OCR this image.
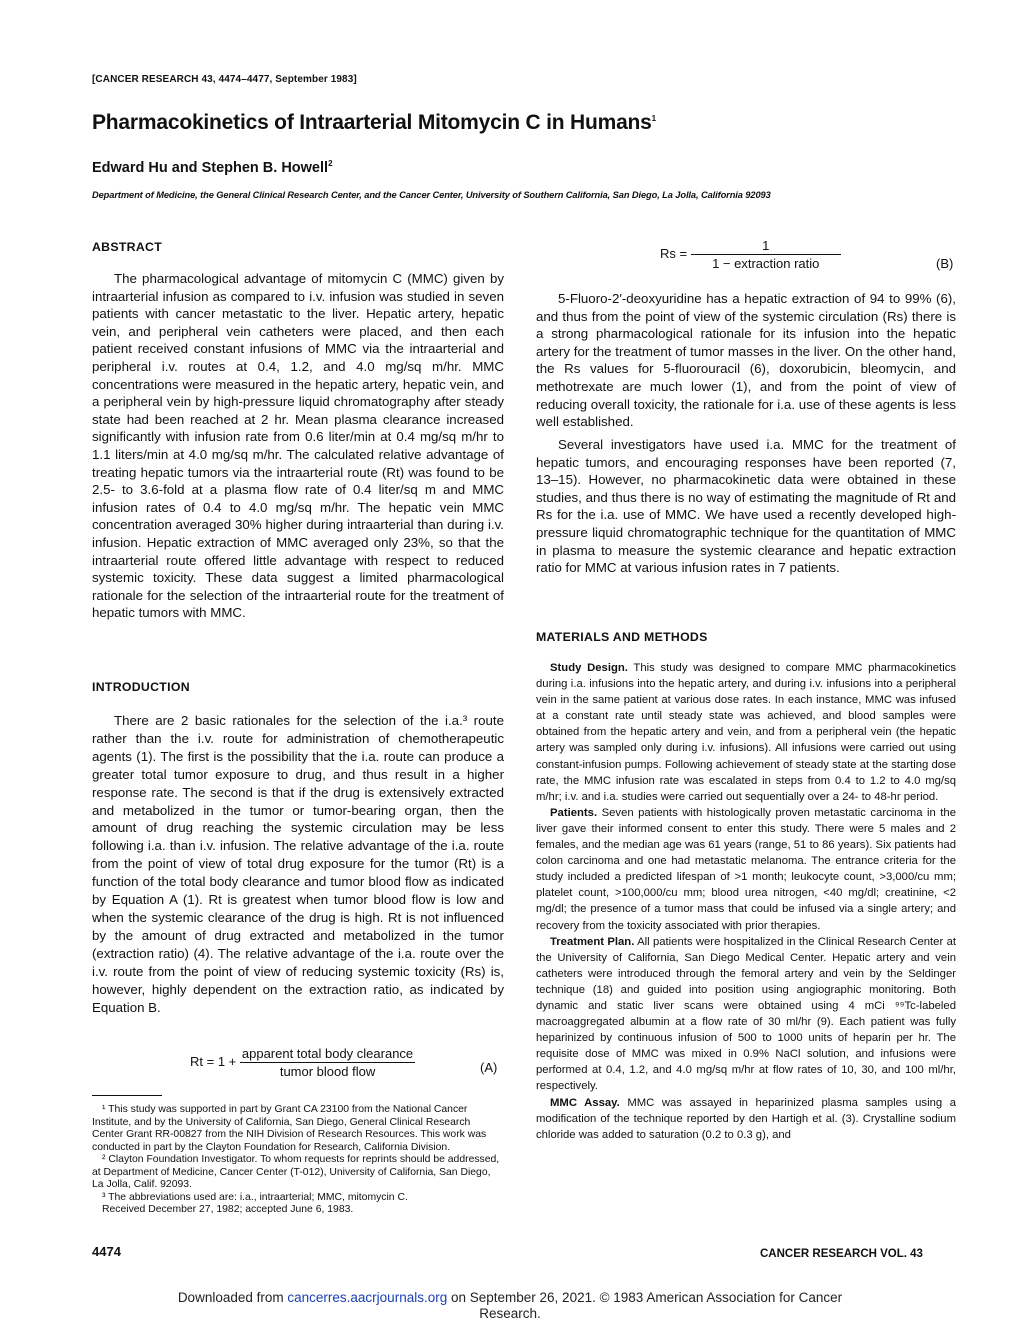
[CANCER RESEARCH 43, 4474–4477, September 1983]
Pharmacokinetics of Intraarterial Mitomycin C in Humans$^1$
Edward Hu and Stephen B. Howell$^2$
Department of Medicine, the General Clinical Research Center, and the Cancer Center, University of Southern California, San Diego, La Jolla, California 92093
ABSTRACT
The pharmacological advantage of mitomycin C (MMC) given by intraarterial infusion as compared to i.v. infusion was studied in seven patients with cancer metastatic to the liver. Hepatic artery, hepatic vein, and peripheral vein catheters were placed, and then each patient received constant infusions of MMC via the intraarterial and peripheral i.v. routes at 0.4, 1.2, and 4.0 mg/sq m/hr. MMC concentrations were measured in the hepatic artery, hepatic vein, and a peripheral vein by high-pressure liquid chromatography after steady state had been reached at 2 hr. Mean plasma clearance increased significantly with infusion rate from 0.6 liter/min at 0.4 mg/sq m/hr to 1.1 liters/min at 4.0 mg/sq m/hr. The calculated relative advantage of treating hepatic tumors via the intraarterial route (Rt) was found to be 2.5- to 3.6-fold at a plasma flow rate of 0.4 liter/sq m and MMC infusion rates of 0.4 to 4.0 mg/sq m/hr. The hepatic vein MMC concentration averaged 30% higher during intraarterial than during i.v. infusion. Hepatic extraction of MMC averaged only 23%, so that the intraarterial route offered little advantage with respect to reduced systemic toxicity. These data suggest a limited pharmacological rationale for the selection of the intraarterial route for the treatment of hepatic tumors with MMC.
INTRODUCTION
There are 2 basic rationales for the selection of the i.a.³ route rather than the i.v. route for administration of chemotherapeutic agents (1). The first is the possibility that the i.a. route can produce a greater total tumor exposure to drug, and thus result in a higher response rate. The second is that if the drug is extensively extracted and metabolized in the tumor or tumor-bearing organ, then the amount of drug reaching the systemic circulation may be less following i.a. than i.v. infusion. The relative advantage of the i.a. route from the point of view of total drug exposure for the tumor (Rt) is a function of the total body clearance and tumor blood flow as indicated by Equation A (1). Rt is greatest when tumor blood flow is low and when the systemic clearance of the drug is high. Rt is not influenced by the amount of drug extracted and metabolized in the tumor (extraction ratio) (4). The relative advantage of the i.a. route over the i.v. route from the point of view of reducing systemic toxicity (Rs) is, however, highly dependent on the extraction ratio, as indicated by Equation B.
$Rt = 1 + \frac{\text{apparent total body clearance}}{\text{tumor blood flow}}$	(A)

¹ This study was supported in part by Grant CA 23100 from the National Cancer Institute, and by the University of California, San Diego, General Clinical Research Center Grant RR-00827 from the NIH Division of Research Resources. This work was conducted in part by the Clayton Foundation for Research, California Division.

² Clayton Foundation Investigator. To whom requests for reprints should be addressed, at Department of Medicine, Cancer Center (T-012), University of California, San Diego, La Jolla, Calif. 92093.

³ The abbreviations used are: i.a., intraarterial; MMC, mitomycin C.

Received December 27, 1982; accepted June 6, 1983.

$Rs = \frac{1}{\text{1 − extraction ratio}}$	(B)
5-Fluoro-2′-deoxyuridine has a hepatic extraction of 94 to 99% (6), and thus from the point of view of the systemic circulation (Rs) there is a strong pharmacological rationale for its infusion into the hepatic artery for the treatment of tumor masses in the liver. On the other hand, the Rs values for 5-fluorouracil (6), doxorubicin, bleomycin, and methotrexate are much lower (1), and from the point of view of reducing overall toxicity, the rationale for i.a. use of these agents is less well established.
Several investigators have used i.a. MMC for the treatment of hepatic tumors, and encouraging responses have been reported (7, 13–15). However, no pharmacokinetic data were obtained in these studies, and thus there is no way of estimating the magnitude of Rt and Rs for the i.a. use of MMC. We have used a recently developed high-pressure liquid chromatographic technique for the quantitation of MMC in plasma to measure the systemic clearance and hepatic extraction ratio for MMC at various infusion rates in 7 patients.
MATERIALS AND METHODS

Study Design. This study was designed to compare MMC pharmacokinetics during i.a. infusions into the hepatic artery, and during i.v. infusions into a peripheral vein in the same patient at various dose rates. In each instance, MMC was infused at a constant rate until steady state was achieved, and blood samples were obtained from the hepatic artery and vein, and from a peripheral vein (the hepatic artery was sampled only during i.v. infusions). All infusions were carried out using constant-infusion pumps. Following achievement of steady state at the starting dose rate, the MMC infusion rate was escalated in steps from 0.4 to 1.2 to 4.0 mg/sq m/hr; i.v. and i.a. studies were carried out sequentially over a 24- to 48-hr period.

Patients. Seven patients with histologically proven metastatic carcinoma in the liver gave their informed consent to enter this study. There were 5 males and 2 females, and the median age was 61 years (range, 51 to 86 years). Six patients had colon carcinoma and one had metastatic melanoma. The entrance criteria for the study included a predicted lifespan of >1 month; leukocyte count, >3,000/cu mm; platelet count, >100,000/cu mm; blood urea nitrogen, <40 mg/dl; creatinine, <2 mg/dl; the presence of a tumor mass that could be infused via a single artery; and recovery from the toxicity associated with prior therapies.

Treatment Plan. All patients were hospitalized in the Clinical Research Center at the University of California, San Diego Medical Center. Hepatic artery and vein catheters were introduced through the femoral artery and vein by the Seldinger technique (18) and guided into position using angiographic monitoring. Both dynamic and static liver scans were obtained using 4 mCi ⁹⁹Tc-labeled macroaggregated albumin at a flow rate of 30 ml/hr (9). Each patient was fully heparinized by continuous infusion of 500 to 1000 units of heparin per hr. The requisite dose of MMC was mixed in 0.9% NaCl solution, and infusions were performed at 0.4, 1.2, and 4.0 mg/sq m/hr at flow rates of 10, 30, and 100 ml/hr, respectively.

MMC Assay. MMC was assayed in heparinized plasma samples using a modification of the technique reported by den Hartigh et al. (3). Crystalline sodium chloride was added to saturation (0.2 to 0.3 g), and

4474	CANCER RESEARCH VOL. 43
Downloaded from cancerres.aacrjournals.org on September 26, 2021. © 1983 American Association for Cancer
Research.
